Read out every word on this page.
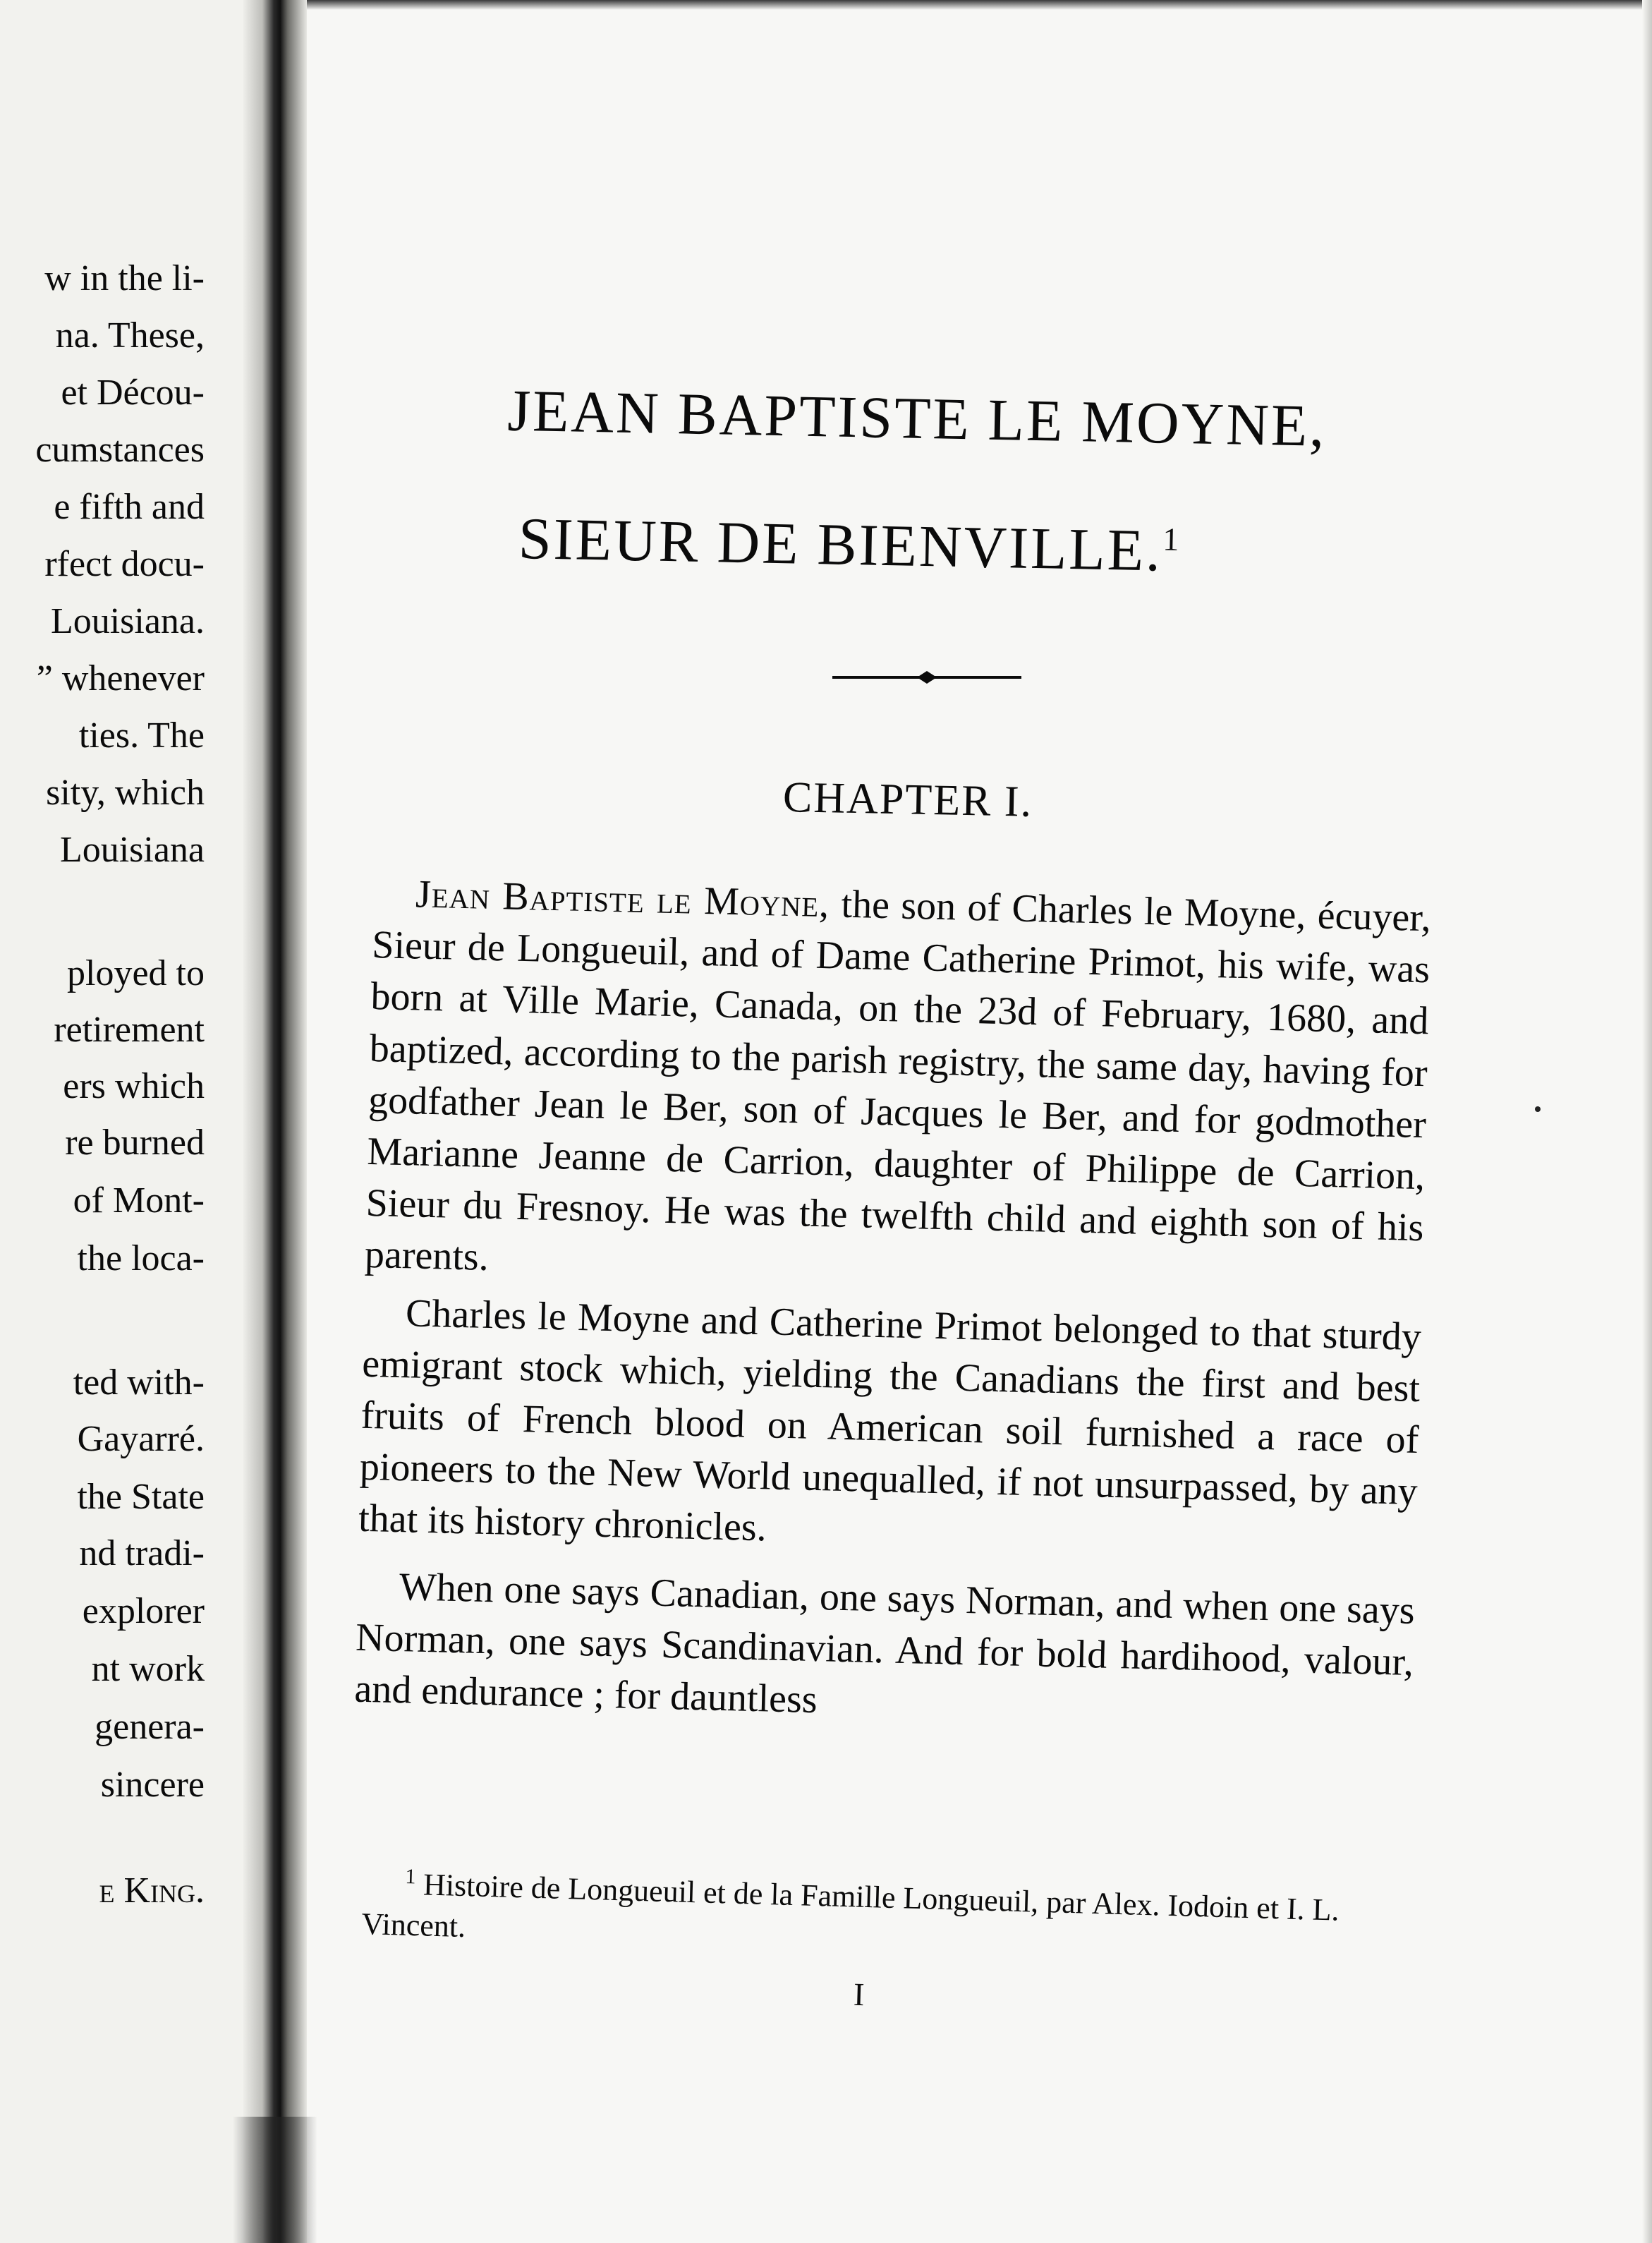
w in the li-
na. These,
et Décou-
cumstances
e fifth and
rfect docu-
Louisiana.
” whenever
ties. The
sity, which
Louisiana
ployed to
retirement
ers which
re burned
of Mont-
the loca-
ted with-
Gayarré.
the State
nd tradi-
explorer
nt work
genera-
sincere
e King.
JEAN BAPTISTE LE MOYNE,
SIEUR DE BIENVILLE.$^1$
CHAPTER I.

Jean Baptiste le Moyne, the son of Charles le Moyne, écuyer, Sieur de Longueuil, and of Dame Catherine Primot, his wife, was born at Ville Marie, Canada, on the 23d of February, 1680, and baptized, according to the parish registry, the same day, having for godfather Jean le Ber, son of Jacques le Ber, and for godmother Marianne Jeanne de Carrion, daughter of Philippe de Carrion, Sieur du Fresnoy. He was the twelfth child and eighth son of his parents.

Charles le Moyne and Catherine Primot belonged to that sturdy emigrant stock which, yielding the Canadians the first and best fruits of French blood on American soil furnished a race of pioneers to the New World unequalled, if not unsurpassed, by any that its history chronicles.

When one says Canadian, one says Norman, and when one says Norman, one says Scandinavian. And for bold hardihood, valour, and endurance ; for dauntless

$^1$ Histoire de Longueuil et de la Famille Longueuil, par Alex. Iodoin et I. L. Vincent.
I
